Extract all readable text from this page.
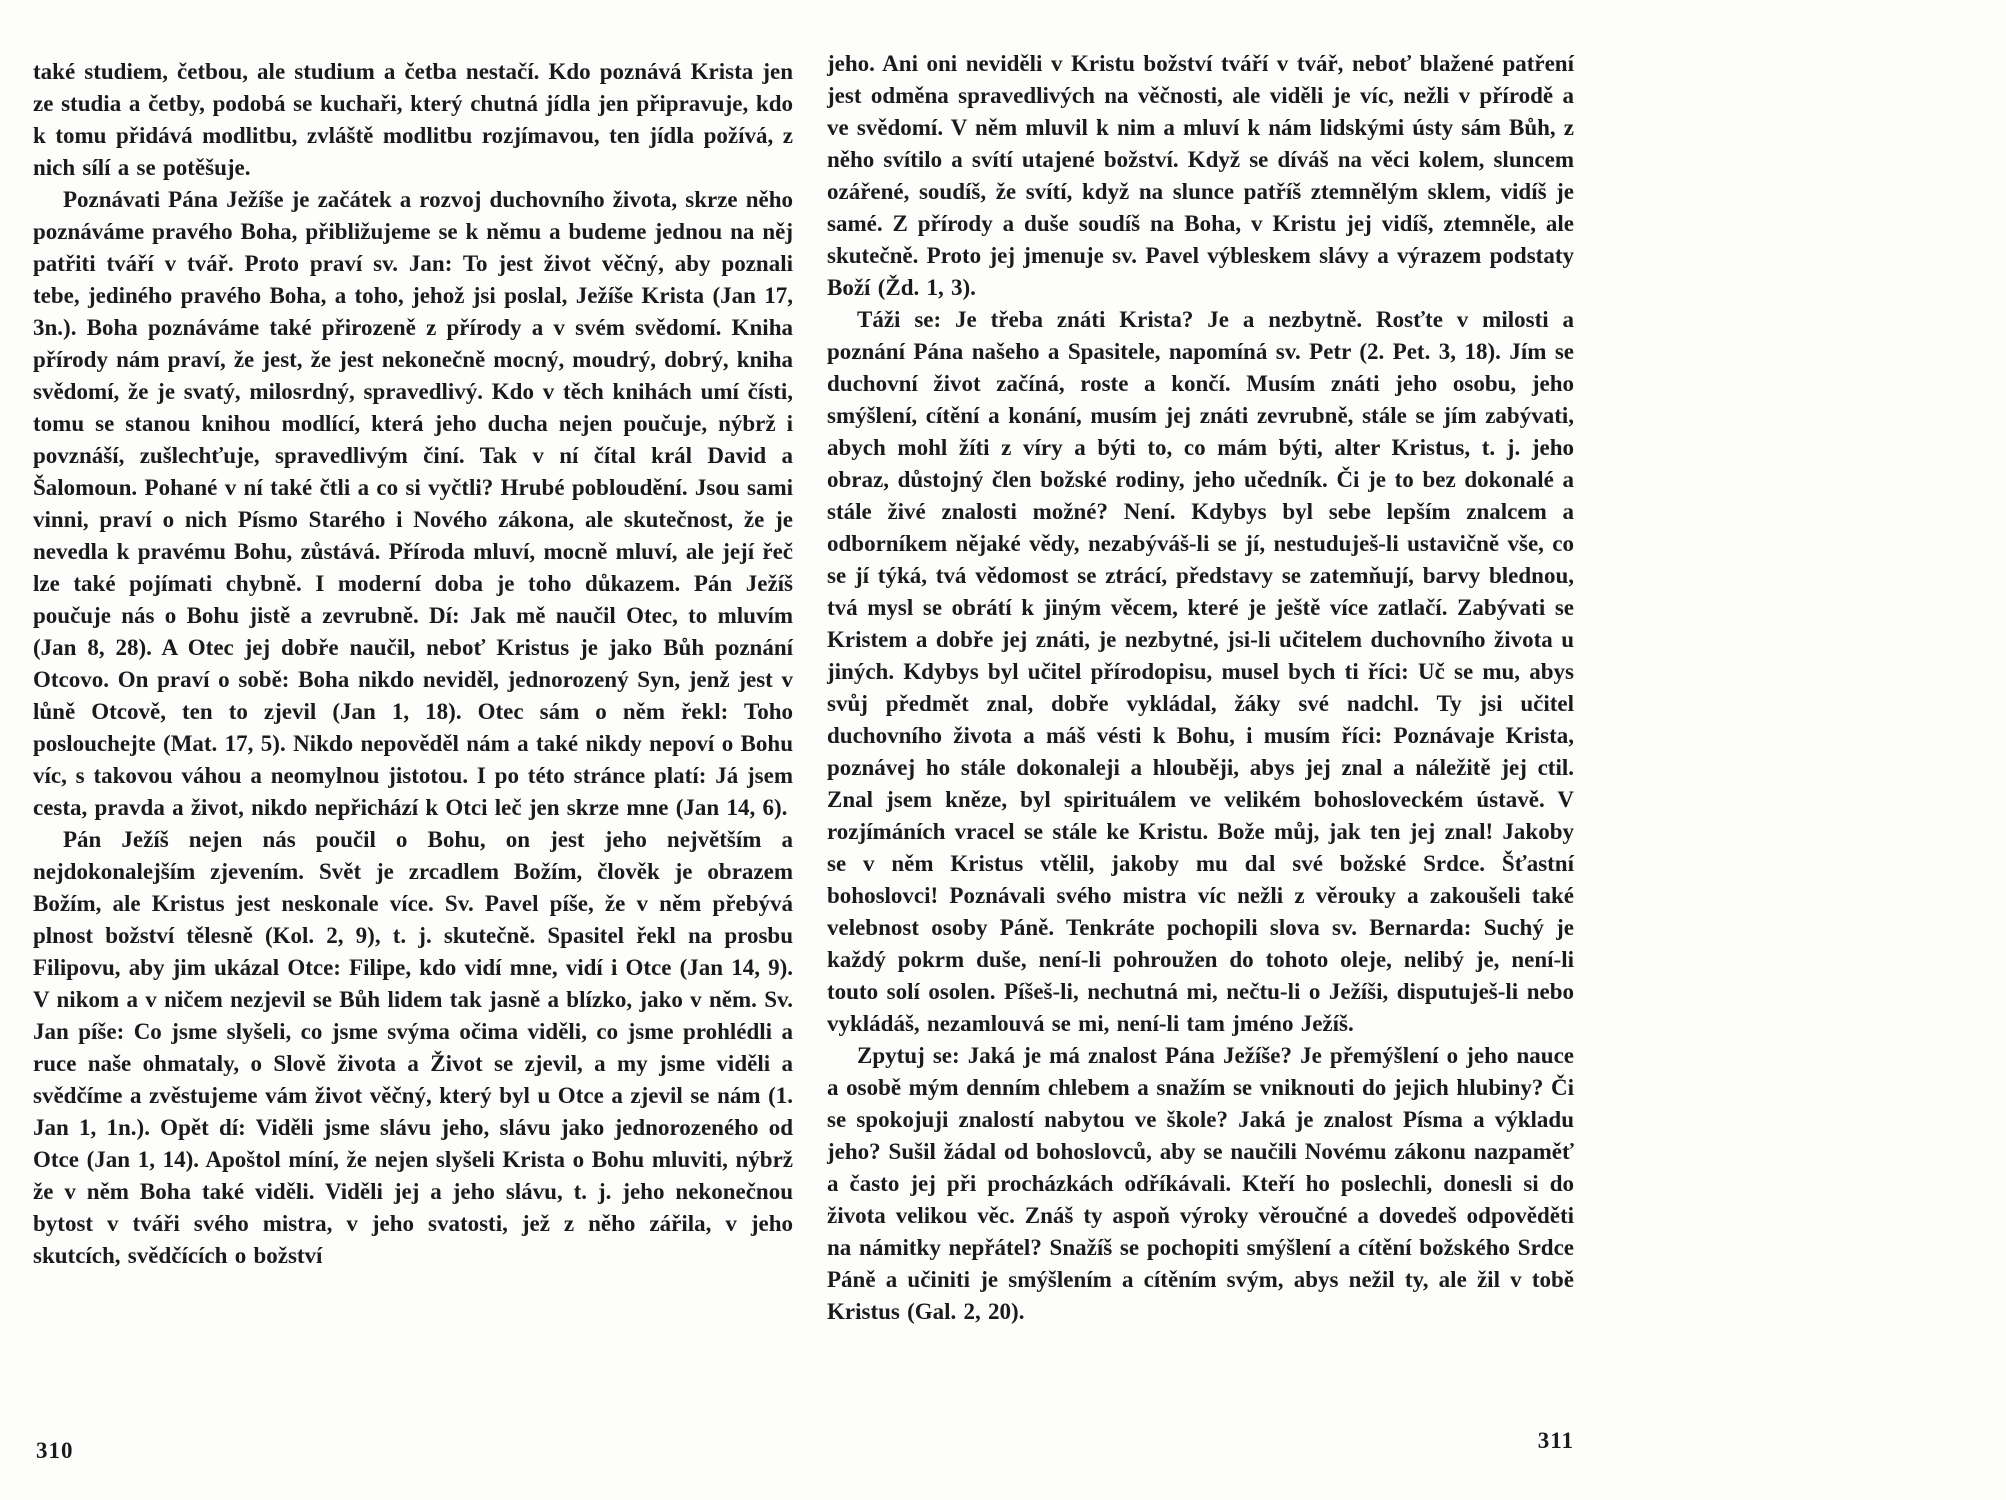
také studiem, četbou, ale studium a četba nestačí. Kdo poznává Krista jen ze studia a četby, podobá se kuchaři, který chutná jídla jen připravuje, kdo k tomu přidává modlitbu, zvláště modlitbu rozjímavou, ten jídla požívá, z nich sílí a se potěšuje.

Poznávati Pána Ježíše je začátek a rozvoj duchovního života, skrze něho poznáváme pravého Boha, přibližujeme se k němu a budeme jednou na něj patřiti tváří v tvář. Proto praví sv. Jan: To jest život věčný, aby poznali tebe, jediného pravého Boha, a toho, jehož jsi poslal, Ježíše Krista (Jan 17, 3n.). Boha poznáváme také přirozeně z přírody a v svém svědomí. Kniha přírody nám praví, že jest, že jest nekonečně mocný, moudrý, dobrý, kniha svědomí, že je svatý, milosrdný, spravedlivý. Kdo v těch knihách umí čísti, tomu se stanou knihou modlící, která jeho ducha nejen poučuje, nýbrž i povznáší, zušlechťuje, spravedlivým činí. Tak v ní čítal král David a Šalomoun. Pohané v ní také čtli a co si vyčtli? Hrubé pobloudění. Jsou sami vinni, praví o nich Písmo Starého i Nového zákona, ale skutečnost, že je nevedla k pravému Bohu, zůstává. Příroda mluví, mocně mluví, ale její řeč lze také pojímati chybně. I moderní doba je toho důkazem. Pán Ježíš poučuje nás o Bohu jistě a zevrubně. Dí: Jak mě naučil Otec, to mluvím (Jan 8, 28). A Otec jej dobře naučil, neboť Kristus je jako Bůh poznání Otcovo. On praví o sobě: Boha nikdo neviděl, jednorozený Syn, jenž jest v lůně Otcově, ten to zjevil (Jan 1, 18). Otec sám o něm řekl: Toho poslouchejte (Mat. 17, 5). Nikdo nepověděl nám a také nikdy nepoví o Bohu víc, s takovou váhou a neomylnou jistotou. I po této stránce platí: Já jsem cesta, pravda a život, nikdo nepřichází k Otci leč jen skrze mne (Jan 14, 6).

Pán Ježíš nejen nás poučil o Bohu, on jest jeho největším a nejdokonalejším zjevením. Svět je zrcadlem Božím, člověk je obrazem Božím, ale Kristus jest neskonale více. Sv. Pavel píše, že v něm přebývá plnost božství tělesně (Kol. 2, 9), t. j. skutečně. Spasitel řekl na prosbu Filipovu, aby jim ukázal Otce: Filipe, kdo vidí mne, vidí i Otce (Jan 14, 9). V nikom a v ničem nezjevil se Bůh lidem tak jasně a blízko, jako v něm. Sv. Jan píše: Co jsme slyšeli, co jsme svýma očima viděli, co jsme prohlédli a ruce naše ohmataly, o Slově života a Život se zjevil, a my jsme viděli a svědčíme a zvěstujeme vám život věčný, který byl u Otce a zjevil se nám (1. Jan 1, 1n.). Opět dí: Viděli jsme slávu jeho, slávu jako jednorozeného od Otce (Jan 1, 14). Apoštol míní, že nejen slyšeli Krista o Bohu mluviti, nýbrž že v něm Boha také viděli. Viděli jej a jeho slávu, t. j. jeho nekonečnou bytost v tváři svého mistra, v jeho svatosti, jež z něho zářila, v jeho skutcích, svědčících o božství

310

jeho. Ani oni neviděli v Kristu božství tváří v tvář, neboť blažené patření jest odměna spravedlivých na věčnosti, ale viděli je víc, nežli v přírodě a ve svědomí. V něm mluvil k nim a mluví k nám lidskými ústy sám Bůh, z něho svítilo a svítí utajené božství. Když se díváš na věci kolem, sluncem ozářené, soudíš, že svítí, když na slunce patříš ztemnělým sklem, vidíš je samé. Z přírody a duše soudíš na Boha, v Kristu jej vidíš, ztemněle, ale skutečně. Proto jej jmenuje sv. Pavel výbleskem slávy a výrazem podstaty Boží (Žd. 1, 3).

Táži se: Je třeba znáti Krista? Je a nezbytně. Rosťte v milosti a poznání Pána našeho a Spasitele, napomíná sv. Petr (2. Pet. 3, 18). Jím se duchovní život začíná, roste a končí. Musím znáti jeho osobu, jeho smýšlení, cítění a konání, musím jej znáti zevrubně, stále se jím zabývati, abych mohl žíti z víry a býti to, co mám býti, alter Kristus, t. j. jeho obraz, důstojný člen božské rodiny, jeho učedník. Či je to bez dokonalé a stále živé znalosti možné? Není. Kdybys byl sebe lepším znalcem a odborníkem nějaké vědy, nezabýváš-li se jí, nestuduješ-li ustavičně vše, co se jí týká, tvá vědomost se ztrácí, představy se zatemňují, barvy blednou, tvá mysl se obrátí k jiným věcem, které je ještě více zatlačí. Zabývati se Kristem a dobře jej znáti, je nezbytné, jsi-li učitelem duchovního života u jiných. Kdybys byl učitel přírodopisu, musel bych ti říci: Uč se mu, abys svůj předmět znal, dobře vykládal, žáky své nadchl. Ty jsi učitel duchovního života a máš vésti k Bohu, i musím říci: Poznávaje Krista, poznávej ho stále dokonaleji a hlouběji, abys jej znal a náležitě jej ctil. Znal jsem kněze, byl spirituálem ve velikém bohosloveckém ústavě. V rozjímáních vracel se stále ke Kristu. Bože můj, jak ten jej znal! Jakoby se v něm Kristus vtělil, jakoby mu dal své božské Srdce. Šťastní bohoslovci! Poznávali svého mistra víc nežli z věrouky a zakoušeli také velebnost osoby Páně. Tenkráte pochopili slova sv. Bernarda: Suchý je každý pokrm duše, není-li pohroužen do tohoto oleje, nelibý je, není-li touto solí osolen. Píšeš-li, nechutná mi, nečtu-li o Ježíši, disputuješ-li nebo vykládáš, nezamlouvá se mi, není-li tam jméno Ježíš.

Zpytuj se: Jaká je má znalost Pána Ježíše? Je přemýšlení o jeho nauce a osobě mým denním chlebem a snažím se vniknouti do jejich hlubiny? Či se spokojuji znalostí nabytou ve škole? Jaká je znalost Písma a výkladu jeho? Sušil žádal od bohoslovců, aby se naučili Novému zákonu nazpaměť a často jej při procházkách odříkávali. Kteří ho poslechli, donesli si do života velikou věc. Znáš ty aspoň výroky věroučné a dovedeš odpověděti na námitky nepřátel? Snažíš se pochopiti smýšlení a cítění božského Srdce Páně a učiniti je smýšlením a cítěním svým, abys nežil ty, ale žil v tobě Kristus (Gal. 2, 20).

311
